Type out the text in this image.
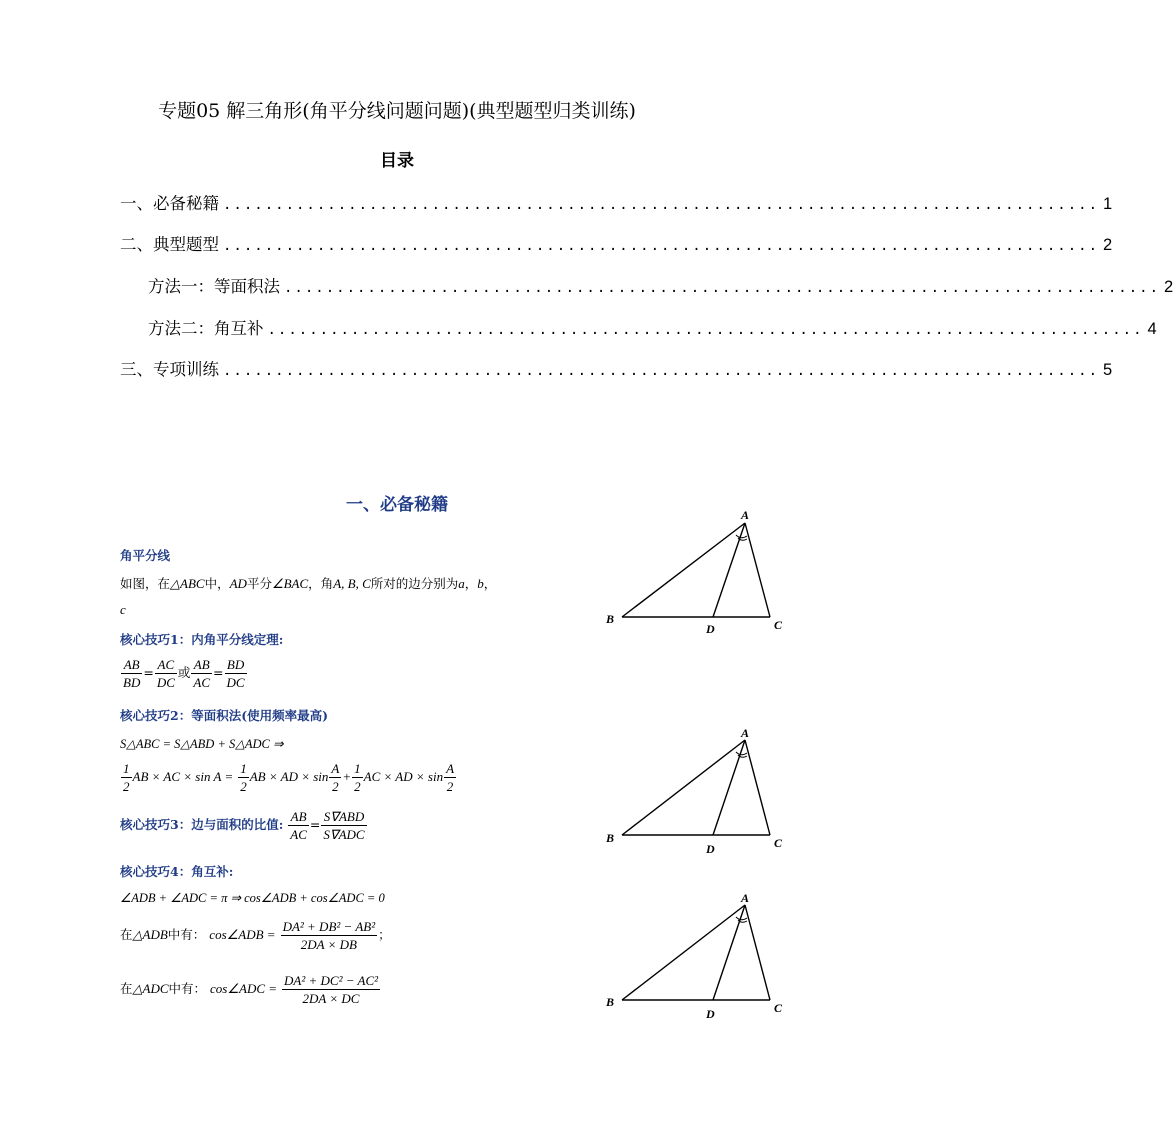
专题05 解三角形(角平分线问题问题)(典型题型归类训练)
目录
一、必备秘籍 .................................................................................... 1
二、典型题型 .................................................................................... 2
方法一：等面积法 .................................................................................... 2
方法二：角互补 .................................................................................... 4
三、专项训练 .................................................................................... 5
一、必备秘籍
角平分线
如图，在△ABC中，AD平分∠BAC，角A, B, C所对的边分别为a，b，
c
核心技巧1：内角平分线定理:
$\frac{AB}{BD} = \frac{AC}{DC}$ 或 $\frac{AB}{AC} = \frac{BD}{DC}$
核心技巧2：等面积法(使用频率最高)
S△ABC = S△ABD + S△ADC ⇒
$\frac{1}{2}$ AB × AC × $\sin A = \frac{1}{2}$ AB × AD × $\sin \frac{A}{2} + \frac{1}{2}$ AC × AD × $\sin \frac{A}{2}$
核心技巧3：边与面积的比值: $\frac{AB}{AC} = \frac{\text{S∇ABD}}{\text{S∇ADC}}$
核心技巧4：角互补:
∠ADB + ∠ADC = π ⇒ cos∠ADB + cos∠ADC = 0
在△ADB中有： cos∠ADB = $\frac{\text{DA² + DB² − AB²}}{2DA \times DB}$ ；
在△ADC中有： cos∠ADC = $\frac{\text{DA² + DC² − AC²}}{2DA \times DC}$
A
B	C
D
A
B	C
D
A
B	C
D
